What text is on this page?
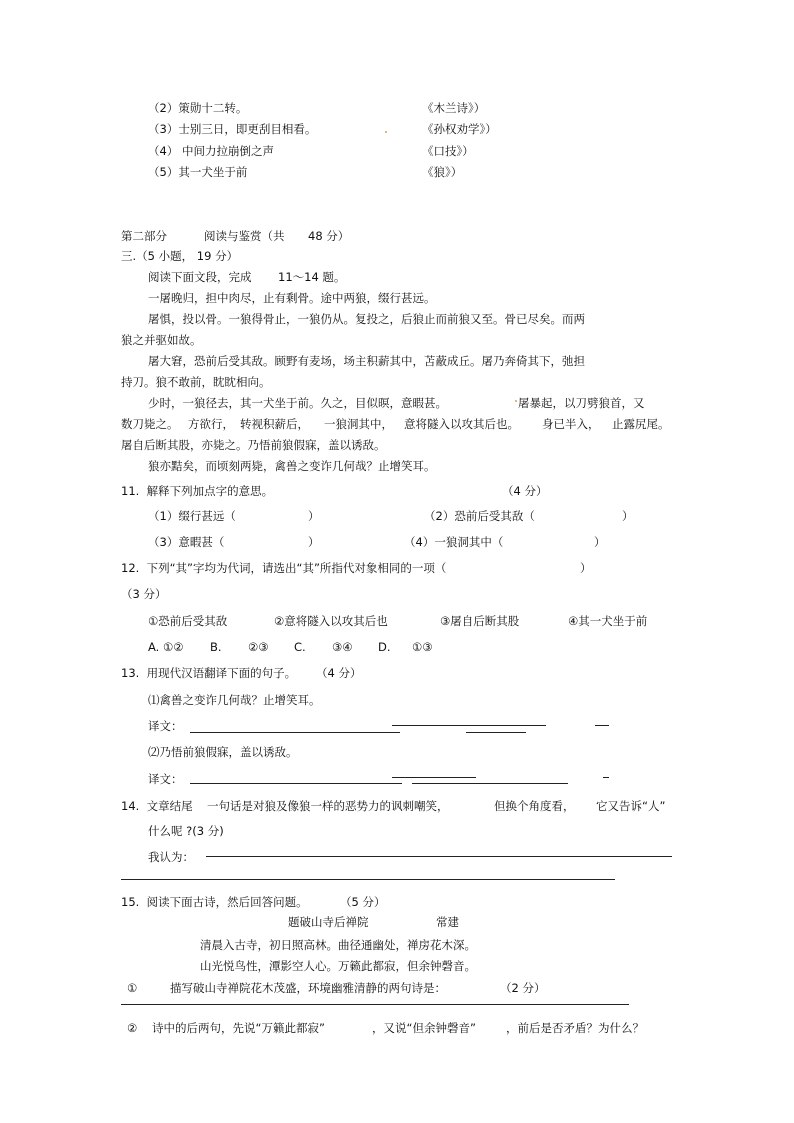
（2）策勋十二转。	《木兰诗》）
（3）士别三日，即更刮目相看。	《孙权劝学》）
（4） 中间力拉崩倒之声	《口技》）
（5）其一犬坐于前	《狼》）
第二部分	阅读与鉴赏（共 48 分）
三.（5 小题， 19 分）
阅读下面文段，完成 11～14 题。
一屠晚归，担中肉尽，止有剩骨。途中两狼，缀行甚远。
屠惧，投以骨。一狼得骨止，一狼仍从。复投之，后狼止而前狼又至。骨已尽矣。而两
狼之并驱如故。
屠大窘，恐前后受其敌。顾野有麦场，场主积薪其中，苫蔽成丘。屠乃奔倚其下，弛担
持刀。狼不敢前，眈眈相向。
少时，一狼径去，其一犬坐于前。久之，目似暝，意暇甚。	屠暴起，以刀劈狼首，又
数刀毙之。 方欲行， 转视积薪后， 一狼洞其中， 意将隧入以攻其后也。 身已半入， 止露尻尾。
屠自后断其股，亦毙之。乃悟前狼假寐，盖以诱敌。
狼亦黠矣，而顷刻两毙，禽兽之变诈几何哉？止增笑耳。
11.  解释下列加点字的意思。	（4 分）
（1）缀行甚远（	）	（2）恐前后受其敌（	）
（3）意暇甚（	）	（4）一狼洞其中（	）
12.  下列“其”字均为代词，请选出“其”所指代对象相同的一项（	）
（3 分）
①恐前后受其敌	②意将隧入以攻其后也	③屠自后断其股	④其一犬坐于前
A. ①② B. ②③ C. ③④ D. ①③
13.  用现代汉语翻译下面的句子。 （4 分）
⑴禽兽之变诈几何哉？止增笑耳。
译文：
⑵乃悟前狼假寐，盖以诱敌。
译文：
14.  文章结尾 一句话是对狼及像狼一样的恶势力的讽刺嘲笑，	但换个角度看， 它又告诉“人”
什么呢 ?(3 分)
我认为：
15.  阅读下面古诗，然后回答问题。	（5 分）
题破山寺后禅院	常建
清晨入古寺，初日照高林。曲径通幽处，禅房花木深。
山光悦鸟性，潭影空人心。万籁此都寂，但余钟磬音。
①	描写破山寺禅院花木茂盛，环境幽雅清静的两句诗是：	（2 分）
② 诗中的后两句，先说“万籁此都寂”	，又说“但余钟磬音”	，前后是否矛盾？为什么？
